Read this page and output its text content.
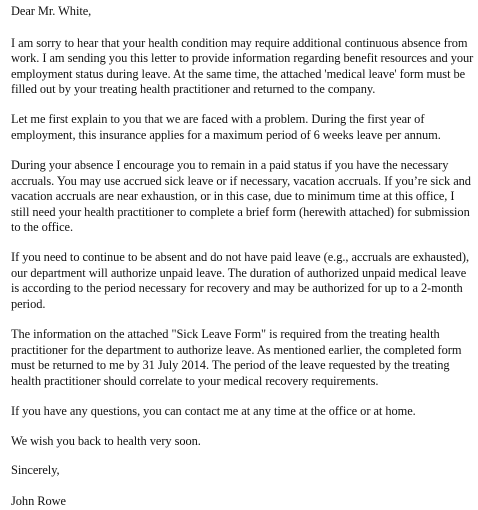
Dear Mr. White,

I am sorry to hear that your health condition may require additional continuous absence from
work. I am sending you this letter to provide information regarding benefit resources and your
employment status during leave. At the same time, the attached 'medical leave' form must be
filled out by your treating health practitioner and returned to the company.

Let me first explain to you that we are faced with a problem. During the first year of
employment, this insurance applies for a maximum period of 6 weeks leave per annum.

During your absence I encourage you to remain in a paid status if you have the necessary
accruals. You may use accrued sick leave or if necessary, vacation accruals. If you’re sick and
vacation accruals are near exhaustion, or in this case, due to minimum time at this office, I
still need your health practitioner to complete a brief form (herewith attached) for submission
to the office.

If you need to continue to be absent and do not have paid leave (e.g., accruals are exhausted),
our department will authorize unpaid leave. The duration of authorized unpaid medical leave
is according to the period necessary for recovery and may be authorized for up to a 2-month
period.

The information on the attached "Sick Leave Form" is required from the treating health
practitioner for the department to authorize leave. As mentioned earlier, the completed form
must be returned to me by 31 July 2014. The period of the leave requested by the treating
health practitioner should correlate to your medical recovery requirements.

If you have any questions, you can contact me at any time at the office or at home.

We wish you back to health very soon.

Sincerely,

John Rowe
